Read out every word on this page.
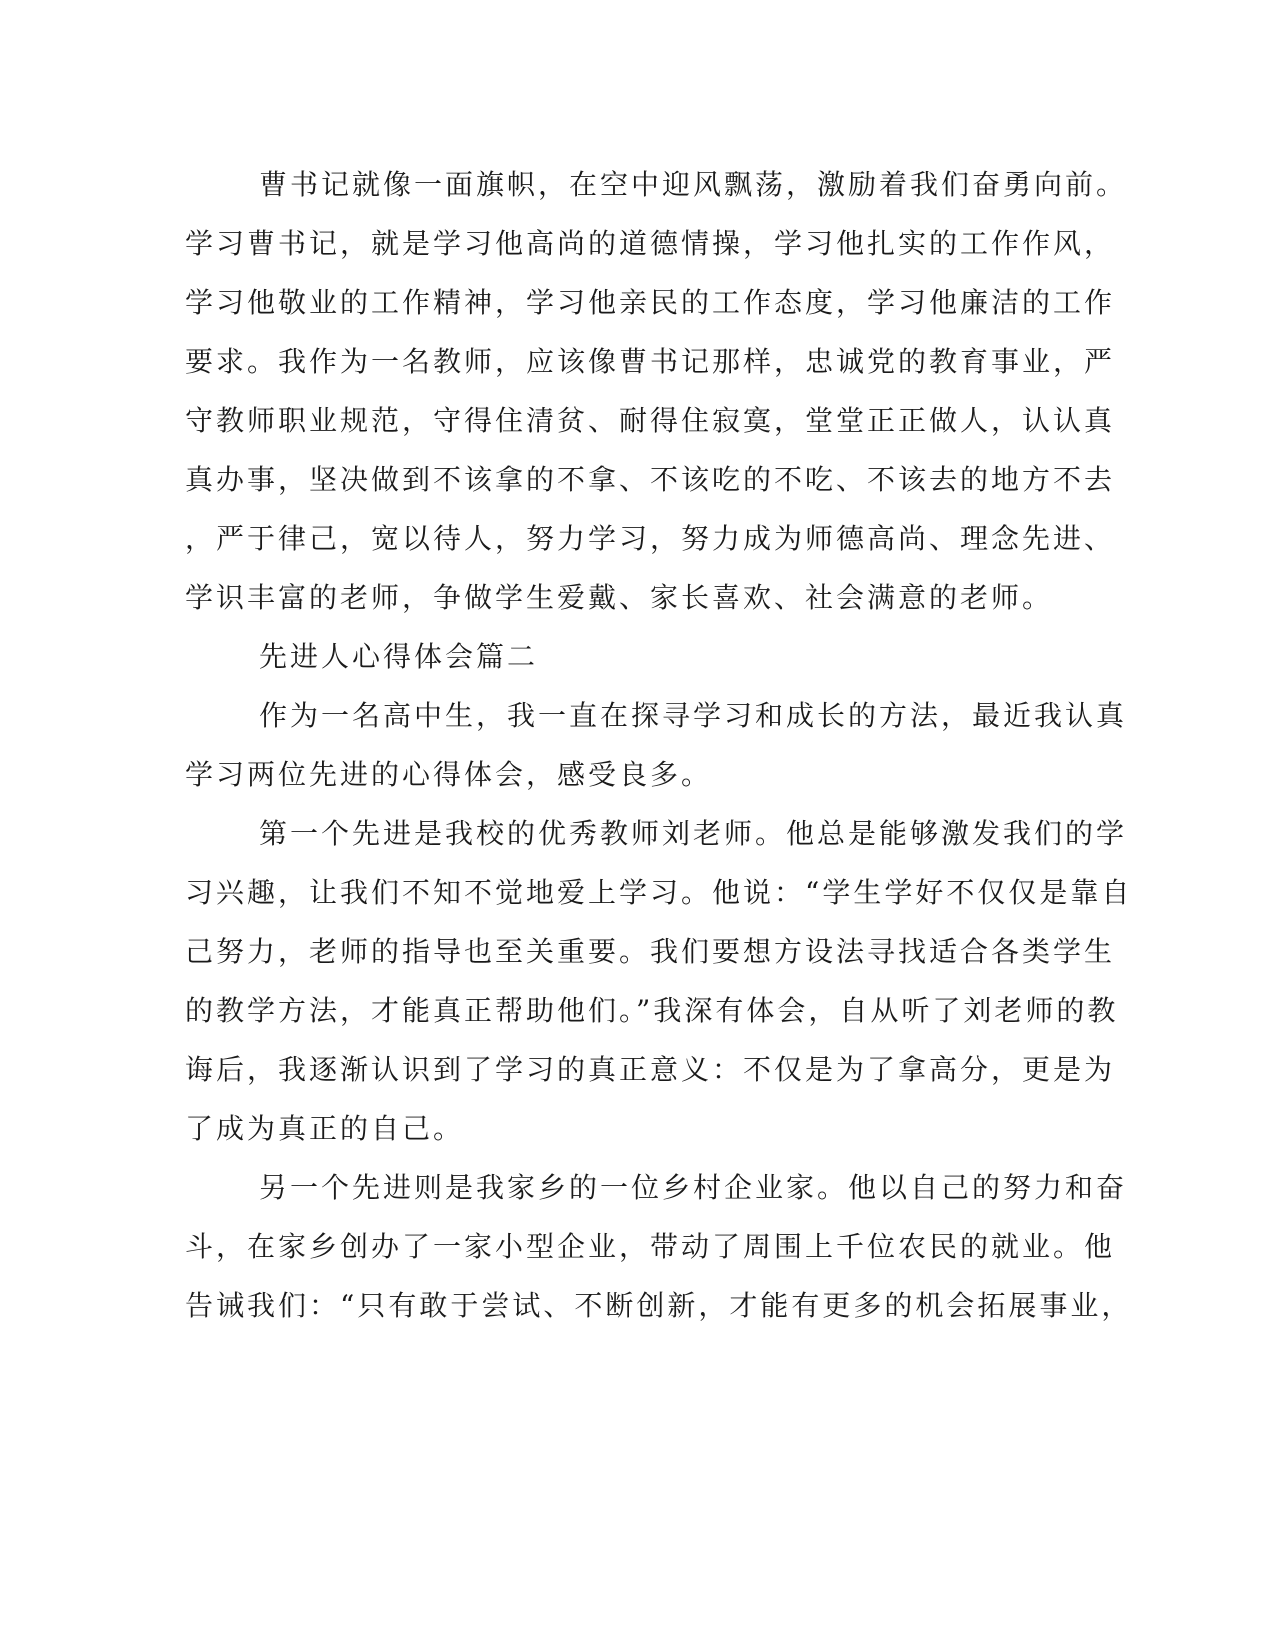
曹书记就像一面旗帜，在空中迎风飘荡，激励着我们奋勇向前。
学习曹书记，就是学习他高尚的道德情操，学习他扎实的工作作风，
学习他敬业的工作精神，学习他亲民的工作态度，学习他廉洁的工作
要求。我作为一名教师，应该像曹书记那样，忠诚党的教育事业，严
守教师职业规范，守得住清贫、耐得住寂寞，堂堂正正做人，认认真
真办事，坚决做到不该拿的不拿、不该吃的不吃、不该去的地方不去
，严于律己，宽以待人，努力学习，努力成为师德高尚、理念先进、
学识丰富的老师，争做学生爱戴、家长喜欢、社会满意的老师。
先进人心得体会篇二
作为一名高中生，我一直在探寻学习和成长的方法，最近我认真
学习两位先进的心得体会，感受良多。
第一个先进是我校的优秀教师刘老师。他总是能够激发我们的学
习兴趣，让我们不知不觉地爱上学习。他说：“学生学好不仅仅是靠自
己努力，老师的指导也至关重要。我们要想方设法寻找适合各类学生
的教学方法，才能真正帮助他们。”我深有体会，自从听了刘老师的教
诲后，我逐渐认识到了学习的真正意义：不仅是为了拿高分，更是为
了成为真正的自己。
另一个先进则是我家乡的一位乡村企业家。他以自己的努力和奋
斗，在家乡创办了一家小型企业，带动了周围上千位农民的就业。他
告诫我们：“只有敢于尝试、不断创新，才能有更多的机会拓展事业，
